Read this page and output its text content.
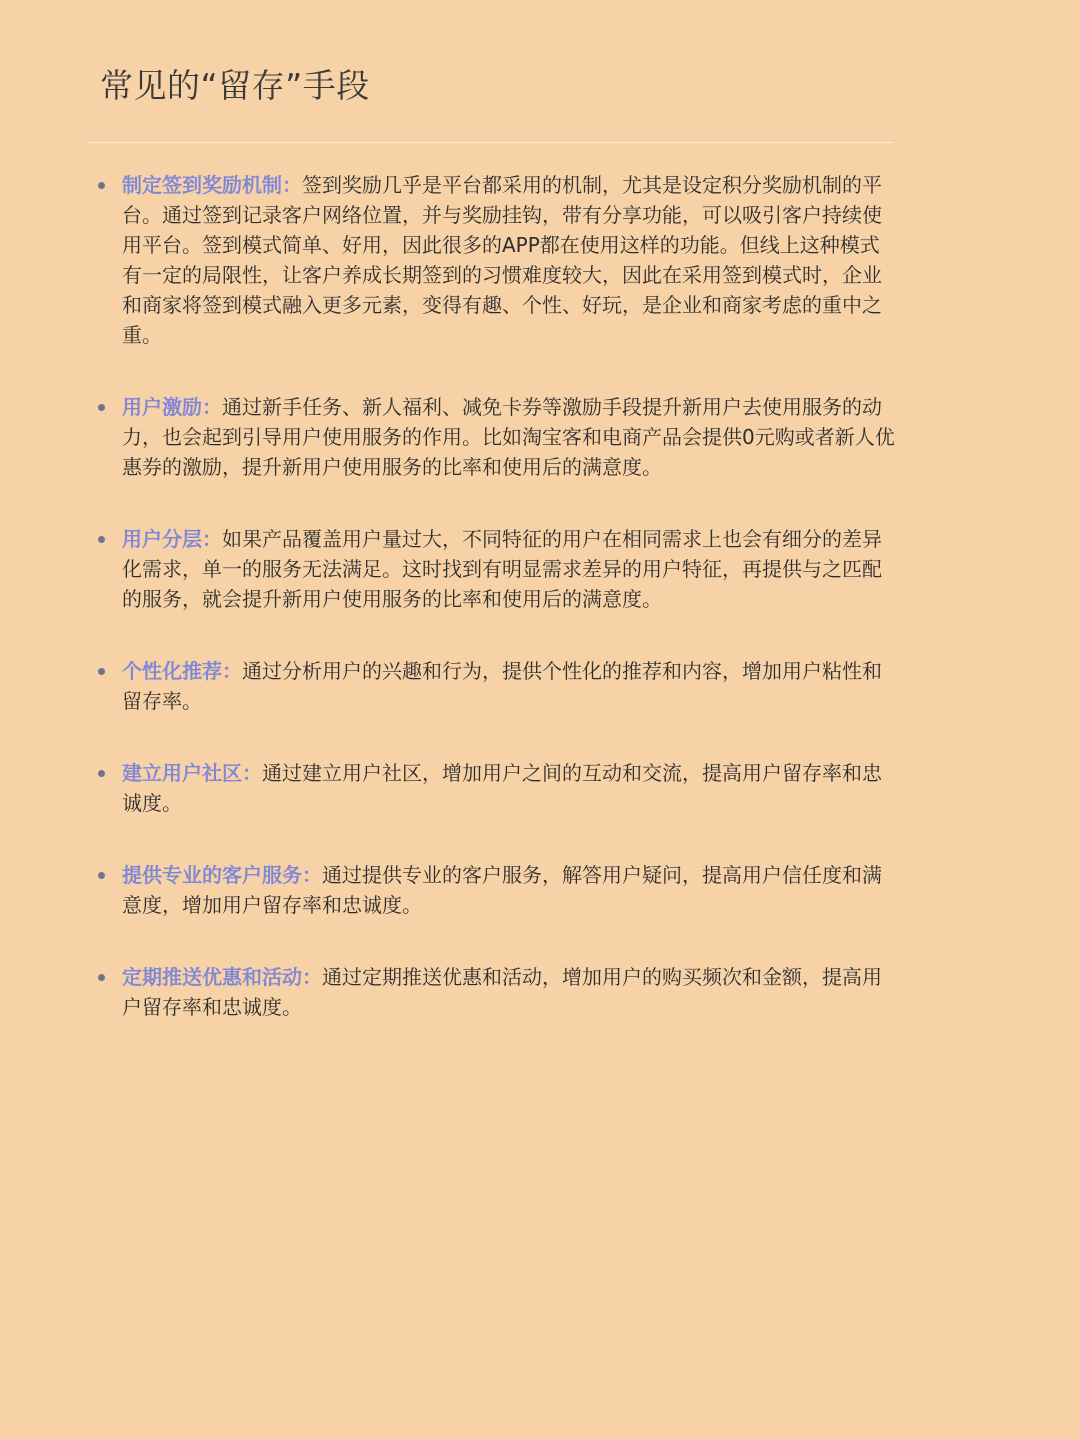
常见的“留存”手段
制定签到奖励机制：签到奖励几乎是平台都采用的机制，尤其是设定积分奖励机制的平台。通过签到记录客户网络位置，并与奖励挂钩，带有分享功能，可以吸引客户持续使用平台。签到模式简单、好用，因此很多的APP都在使用这样的功能。但线上这种模式有一定的局限性，让客户养成长期签到的习惯难度较大，因此在采用签到模式时，企业和商家将签到模式融入更多元素，变得有趣、个性、好玩，是企业和商家考虑的重中之重。
用户激励：通过新手任务、新人福利、减免卡券等激励手段提升新用户去使用服务的动力，也会起到引导用户使用服务的作用。比如淘宝客和电商产品会提供0元购或者新人优惠券的激励，提升新用户使用服务的比率和使用后的满意度。
用户分层：如果产品覆盖用户量过大，不同特征的用户在相同需求上也会有细分的差异化需求，单一的服务无法满足。这时找到有明显需求差异的用户特征，再提供与之匹配的服务，就会提升新用户使用服务的比率和使用后的满意度。
个性化推荐：通过分析用户的兴趣和行为，提供个性化的推荐和内容，增加用户粘性和留存率。
建立用户社区：通过建立用户社区，增加用户之间的互动和交流，提高用户留存率和忠诚度。
提供专业的客户服务：通过提供专业的客户服务，解答用户疑问，提高用户信任度和满意度，增加用户留存率和忠诚度。
定期推送优惠和活动：通过定期推送优惠和活动，增加用户的购买频次和金额，提高用户留存率和忠诚度。
